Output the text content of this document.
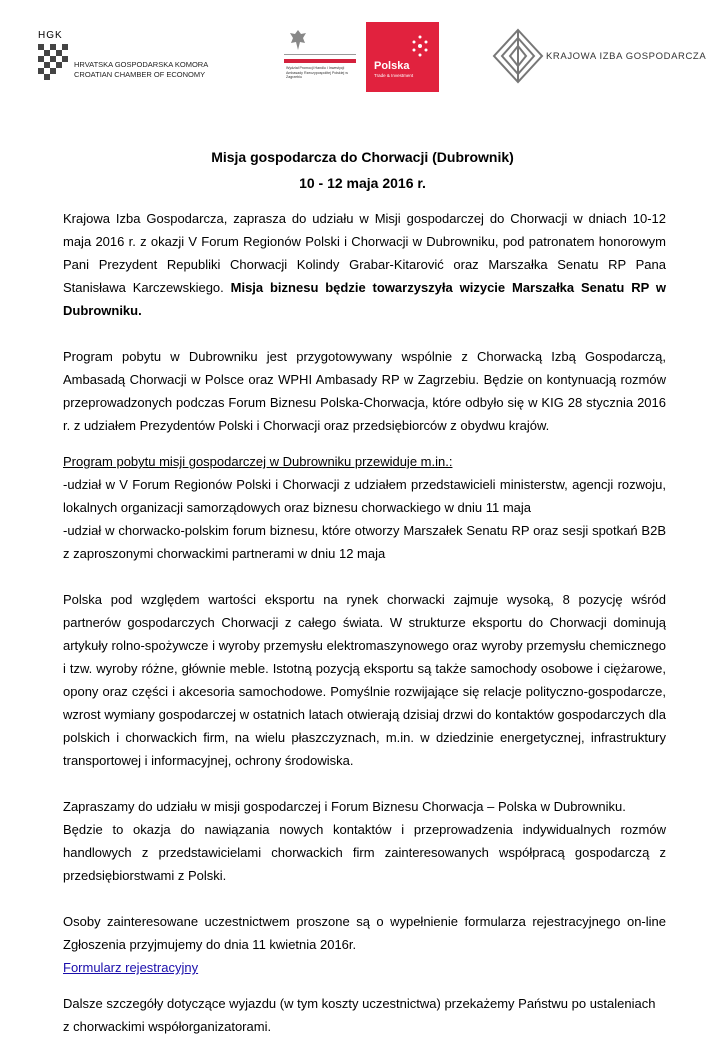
HGK
HRVATSKA GOSPODARSKA KOMORA
CROATIAN CHAMBER OF ECONOMY
Wydział Promocji Handlu i Inwestycji Ambasady Rzeczypospolitej Polskiej w Zagrzebiu
Polska
Trade & Investment
KRAJOWA IZBA GOSPODARCZA
Misja gospodarcza do Chorwacji (Dubrownik)
10 - 12 maja 2016 r.

Krajowa Izba Gospodarcza, zaprasza do udziału w Misji gospodarczej do Chorwacji w dniach 10-12 maja 2016 r. z okazji V Forum Regionów Polski i Chorwacji w Dubrowniku, pod patronatem honorowym Pani Prezydent Republiki Chorwacji Kolindy Grabar-Kitarović oraz Marszałka Senatu RP Pana Stanisława Karczewskiego. Misja biznesu będzie towarzyszyła wizycie Marszałka Senatu RP w Dubrowniku.

Program pobytu w Dubrowniku jest przygotowywany wspólnie z Chorwacką Izbą Gospodarczą, Ambasadą Chorwacji w Polsce oraz WPHI Ambasady RP w Zagrzebiu. Będzie on kontynuacją rozmów przeprowadzonych podczas Forum Biznesu Polska-Chorwacja, które odbyło się w KIG 28 stycznia 2016 r. z udziałem Prezydentów Polski i Chorwacji oraz przedsiębiorców z obydwu krajów.

Program pobytu misji gospodarczej w Dubrowniku przewiduje m.in.:

-udział w V Forum Regionów Polski i Chorwacji z udziałem przedstawicieli ministerstw, agencji rozwoju, lokalnych organizacji samorządowych oraz biznesu chorwackiego w dniu 11 maja

-udział w chorwacko-polskim forum biznesu, które otworzy Marszałek Senatu RP oraz sesji spotkań B2B z zaproszonymi chorwackimi partnerami w dniu 12 maja

Polska pod względem wartości eksportu na rynek chorwacki zajmuje wysoką, 8 pozycję wśród partnerów gospodarczych Chorwacji z całego świata. W strukturze eksportu do Chorwacji dominują artykuły rolno-spożywcze i wyroby przemysłu elektromaszynowego oraz wyroby przemysłu chemicznego i tzw. wyroby różne, głównie meble. Istotną pozycją eksportu są także samochody osobowe i ciężarowe, opony oraz części i akcesoria samochodowe. Pomyślnie rozwijające się relacje polityczno-gospodarcze, wzrost wymiany gospodarczej w ostatnich latach otwierają dzisiaj drzwi do kontaktów gospodarczych dla polskich i chorwackich firm, na wielu płaszczyznach, m.in. w dziedzinie energetycznej, infrastruktury transportowej i informacyjnej, ochrony środowiska.

Zapraszamy do udziału w misji gospodarczej i Forum Biznesu Chorwacja – Polska w Dubrowniku.

Będzie to okazja do nawiązania nowych kontaktów i przeprowadzenia indywidualnych rozmów handlowych z przedstawicielami chorwackich firm zainteresowanych współpracą gospodarczą z przedsiębiorstwami z Polski.

Osoby zainteresowane uczestnictwem proszone są o wypełnienie formularza rejestracyjnego on-line Zgłoszenia przyjmujemy do dnia 11 kwietnia 2016r.

Formularz rejestracyjny

Dalsze szczegóły dotyczące wyjazdu (w tym koszty uczestnictwa) przekażemy Państwu po ustaleniach

z chorwackimi współorganizatorami.
